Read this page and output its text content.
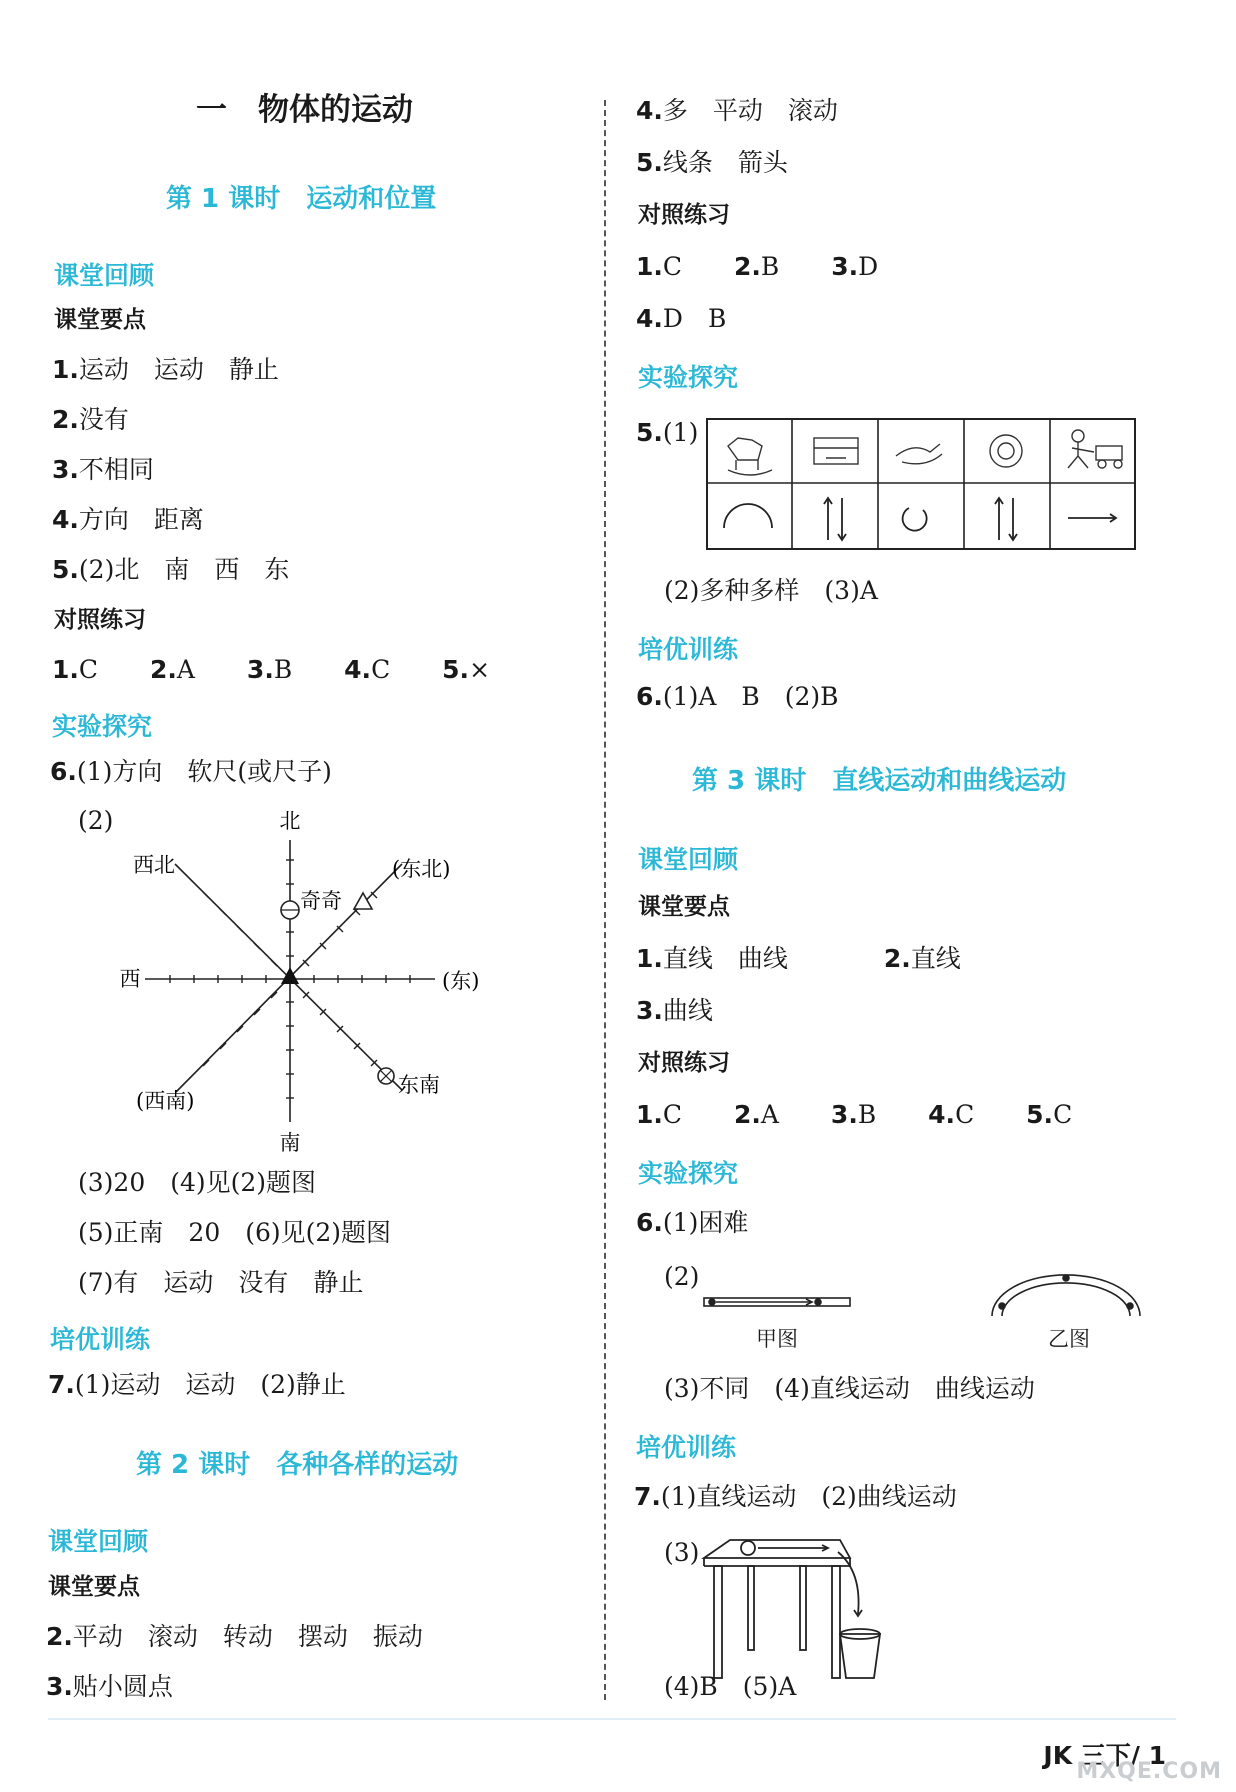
一　物体的运动
第 1 课时　运动和位置
课堂回顾
课堂要点
1.运动　运动　静止
2.没有
3.不相同
4.方向　距离
5.(2)北　南　西　东
对照练习
1.C 2.A 3.B 4.C 5.×
实验探究
6.(1)方向　软尺(或尺子)
(2)	北
南
西	(东)
西北	(东北)
(西南)
东南
奇奇
(3)20　(4)见(2)题图
(5)正南　20　(6)见(2)题图
(7)有　运动　没有　静止
培优训练
7.(1)运动　运动　(2)静止
第 2 课时　各种各样的运动
课堂回顾
课堂要点
2.平动　滚动　转动　摆动　振动
3.贴小圆点
4.多　平动　滚动
5.线条　箭头
对照练习
1.C 2.B 3.D
4.D　B
实验探究
5.(1)
(2)多种多样　(3)A
培优训练
6.(1)A　B　(2)B
第 3 课时　直线运动和曲线运动
课堂回顾
课堂要点
1.直线　曲线	2.直线
3.曲线
对照练习
1.C 2.A 3.B 4.C 5.C
实验探究
6.(1)困难
(2)
甲图	乙图
(3)不同　(4)直线运动　曲线运动
培优训练
7.(1)直线运动　(2)曲线运动
(3)
(4)B　(5)A
JK 三下/ 1
MXQE.COM
